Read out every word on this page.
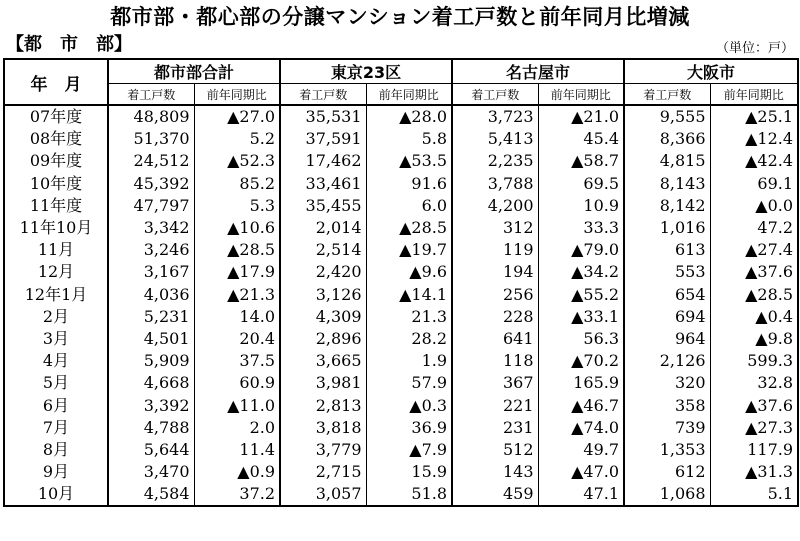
都市部・都心部の分譲マンション着工戸数と前年同月比増減
【都　市　部】	（単位：戸）
年　月	都市部合計		東京23区		名古屋市		大阪市	
	着工戸数	前年同期比	着工戸数	前年同期比	着工戸数	前年同期比	着工戸数	前年同期比
07年度	48,809	▲27.0	35,531	▲28.0	3,723	▲21.0	9,555	▲25.1
08年度	51,370	5.2	37,591	5.8	5,413	45.4	8,366	▲12.4
09年度	24,512	▲52.3	17,462	▲53.5	2,235	▲58.7	4,815	▲42.4
10年度	45,392	85.2	33,461	91.6	3,788	69.5	8,143	69.1
11年度	47,797	5.3	35,455	6.0	4,200	10.9	8,142	▲0.0
11年10月	3,342	▲10.6	2,014	▲28.5	312	33.3	1,016	47.2
11月	3,246	▲28.5	2,514	▲19.7	119	▲79.0	613	▲27.4
12月	3,167	▲17.9	2,420	▲9.6	194	▲34.2	553	▲37.6
12年1月	4,036	▲21.3	3,126	▲14.1	256	▲55.2	654	▲28.5
2月	5,231	14.0	4,309	21.3	228	▲33.1	694	▲0.4
3月	4,501	20.4	2,896	28.2	641	56.3	964	▲9.8
4月	5,909	37.5	3,665	1.9	118	▲70.2	2,126	599.3
5月	4,668	60.9	3,981	57.9	367	165.9	320	32.8
6月	3,392	▲11.0	2,813	▲0.3	221	▲46.7	358	▲37.6
7月	4,788	2.0	3,818	36.9	231	▲74.0	739	▲27.3
8月	5,644	11.4	3,779	▲7.9	512	49.7	1,353	117.9
9月	3,470	▲0.9	2,715	15.9	143	▲47.0	612	▲31.3
10月	4,584	37.2	3,057	51.8	459	47.1	1,068	5.1
